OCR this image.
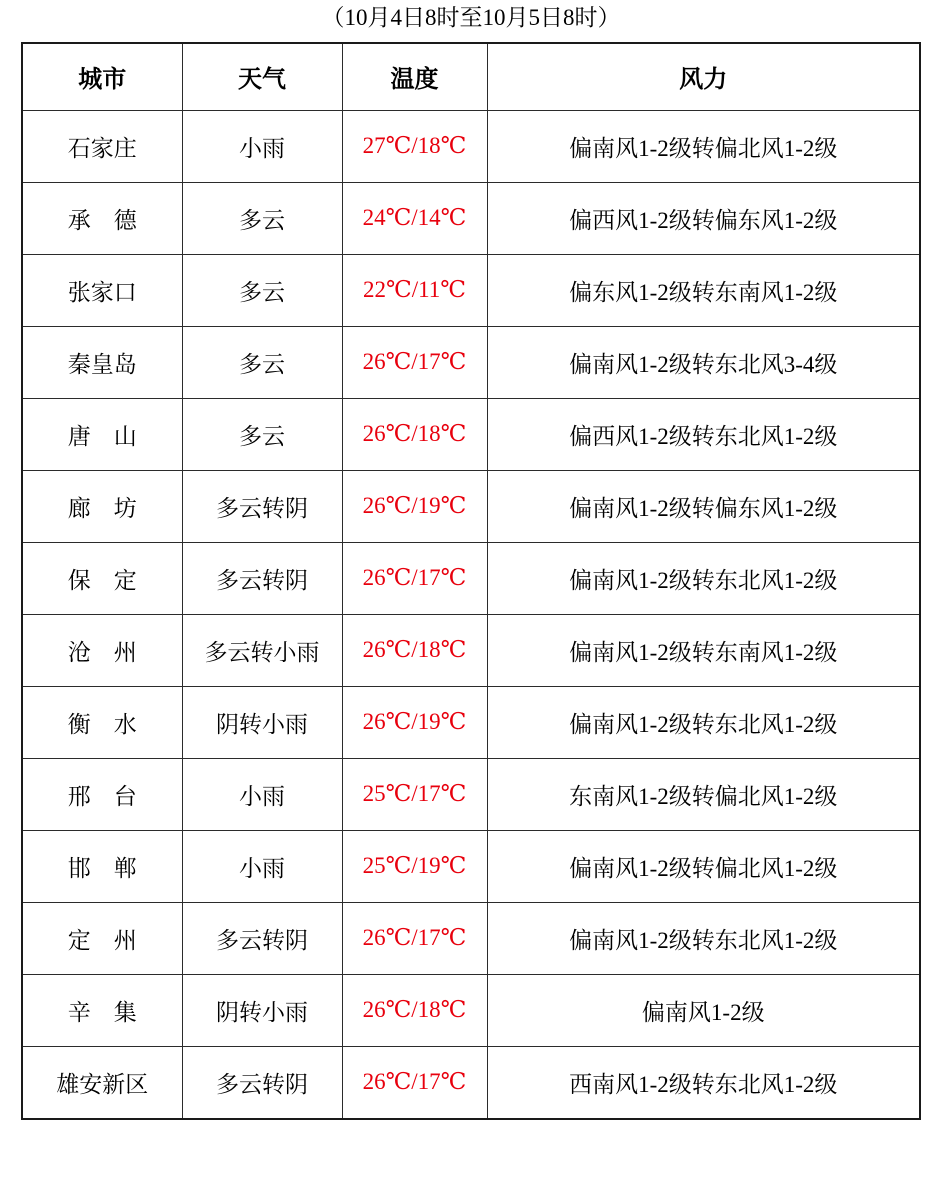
（10月4日8时至10月5日8时）
城市	天气	温度	风力
石家庄	小雨	27℃/18℃	偏南风1-2级转偏北风1-2级
承　德	多云	24℃/14℃	偏西风1-2级转偏东风1-2级
张家口	多云	22℃/11℃	偏东风1-2级转东南风1-2级
秦皇岛	多云	26℃/17℃	偏南风1-2级转东北风3-4级
唐　山	多云	26℃/18℃	偏西风1-2级转东北风1-2级
廊　坊	多云转阴	26℃/19℃	偏南风1-2级转偏东风1-2级
保　定	多云转阴	26℃/17℃	偏南风1-2级转东北风1-2级
沧　州	多云转小雨	26℃/18℃	偏南风1-2级转东南风1-2级
衡　水	阴转小雨	26℃/19℃	偏南风1-2级转东北风1-2级
邢　台	小雨	25℃/17℃	东南风1-2级转偏北风1-2级
邯　郸	小雨	25℃/19℃	偏南风1-2级转偏北风1-2级
定　州	多云转阴	26℃/17℃	偏南风1-2级转东北风1-2级
辛　集	阴转小雨	26℃/18℃	偏南风1-2级
雄安新区	多云转阴	26℃/17℃	西南风1-2级转东北风1-2级
